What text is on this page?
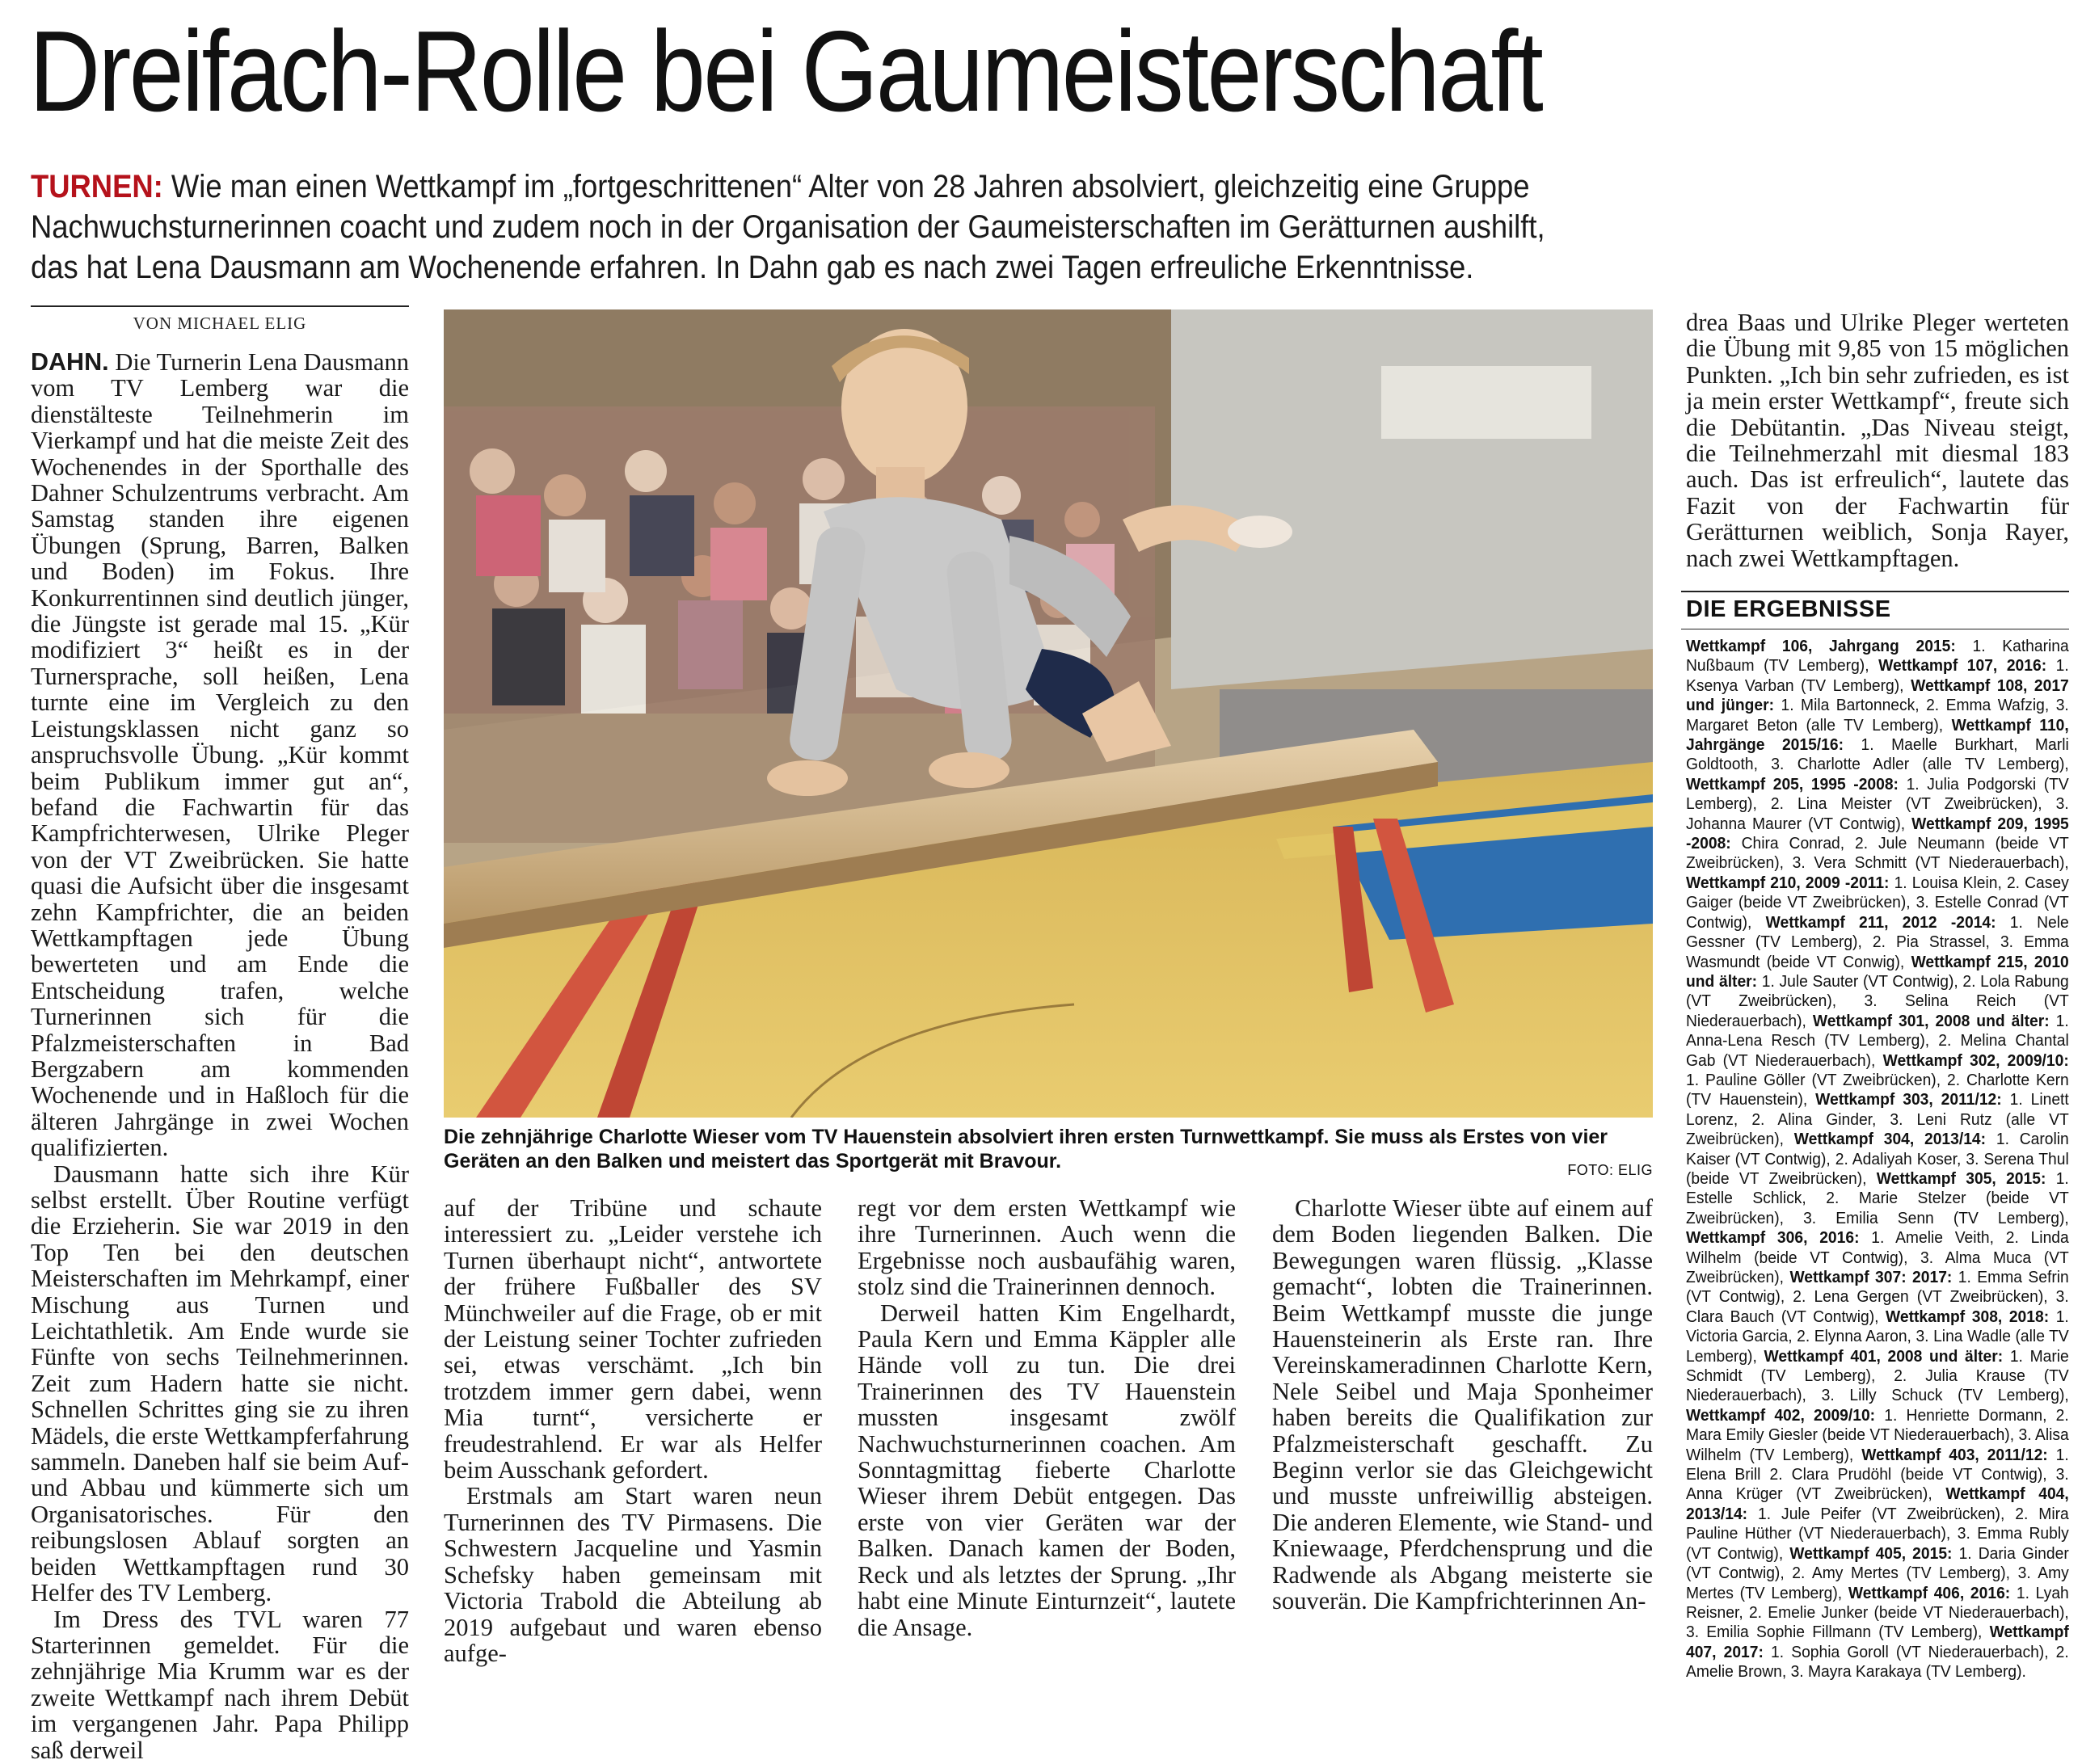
Dreifach-Rolle bei Gaumeisterschaft
TURNEN: Wie man einen Wettkampf im „fortgeschrittenen“ Alter von 28 Jahren absolviert, gleichzeitig eine Gruppe
Nachwuchsturnerinnen coacht und zudem noch in der Organisation der Gaumeisterschaften im Gerätturnen aushilft,
das hat Lena Dausmann am Wochenende erfahren. In Dahn gab es nach zwei Tagen erfreuliche Erkenntnisse.
VON MICHAEL ELIG

DAHN. Die Turnerin Lena Dausmann vom TV Lemberg war die dienstälteste Teilnehmerin im Vierkampf und hat die meiste Zeit des Wochenendes in der Sporthalle des Dahner Schulzentrums verbracht. Am Samstag standen ihre eigenen Übungen (Sprung, Barren, Balken und Boden) im Fokus. Ihre Konkurrentinnen sind deutlich jünger, die Jüngste ist gerade mal 15. „Kür modifiziert 3“ heißt es in der Turnersprache, soll heißen, Lena turnte eine im Vergleich zu den Leistungsklassen nicht ganz so anspruchsvolle Übung. „Kür kommt beim Publikum immer gut an“, befand die Fachwartin für das Kampfrichterwesen, Ulrike Pleger von der VT Zweibrücken. Sie hatte quasi die Aufsicht über die insgesamt zehn Kampfrichter, die an beiden Wettkampftagen jede Übung bewerteten und am Ende die Entscheidung trafen, welche Turnerinnen sich für die Pfalzmeisterschaften in Bad Bergzabern am kommenden Wochenende und in Haßloch für die älteren Jahrgänge in zwei Wochen qualifizierten.

Dausmann hatte sich ihre Kür selbst erstellt. Über Routine verfügt die Erzieherin. Sie war 2019 in den Top Ten bei den deutschen Meisterschaften im Mehrkampf, einer Mischung aus Turnen und Leichtathletik. Am Ende wurde sie Fünfte von sechs Teilnehmerinnen. Zeit zum Hadern hatte sie nicht. Schnellen Schrittes ging sie zu ihren Mädels, die erste Wettkampferfahrung sammeln. Daneben half sie beim Auf- und Abbau und kümmerte sich um Organisatorisches. Für den reibungslosen Ablauf sorgten an beiden Wettkampftagen rund 30 Helfer des TV Lemberg.

Im Dress des TVL waren 77 Starterinnen gemeldet. Für die zehnjährige Mia Krumm war es der zweite Wettkampf nach ihrem Debüt im vergangenen Jahr. Papa Philipp saß derweil

Die zehnjährige Charlotte Wieser vom TV Hauenstein absolviert ihren ersten Turnwettkampf. Sie muss als Erstes von vier Geräten an den Balken und meistert das Sportgerät mit Bravour.	FOTO: ELIG

auf der Tribüne und schaute interessiert zu. „Leider verstehe ich Turnen überhaupt nicht“, antwortete der frühere Fußballer des SV Münchweiler auf die Frage, ob er mit der Leistung seiner Tochter zufrieden sei, etwas verschämt. „Ich bin trotzdem immer gern dabei, wenn Mia turnt“, versicherte er freudestrahlend. Er war als Helfer beim Ausschank gefordert.

Erstmals am Start waren neun Turnerinnen des TV Pirmasens. Die Schwestern Jacqueline und Yasmin Schefsky haben gemeinsam mit Victoria Trabold die Abteilung ab 2019 aufgebaut und waren ebenso aufge-

regt vor dem ersten Wettkampf wie ihre Turnerinnen. Auch wenn die Ergebnisse noch ausbaufähig waren, stolz sind die Trainerinnen dennoch.

Derweil hatten Kim Engelhardt, Paula Kern und Emma Käppler alle Hände voll zu tun. Die drei Trainerinnen des TV Hauenstein mussten insgesamt zwölf Nachwuchsturnerinnen coachen. Am Sonntagmittag fieberte Charlotte Wieser ihrem Debüt entgegen. Das erste von vier Geräten war der Balken. Danach kamen der Boden, Reck und als letztes der Sprung. „Ihr habt eine Minute Einturnzeit“, lautete die Ansage.

Charlotte Wieser übte auf einem auf dem Boden liegenden Balken. Die Bewegungen waren flüssig. „Klasse gemacht“, lobten die Trainerinnen. Beim Wettkampf musste die junge Hauensteinerin als Erste ran. Ihre Vereinskameradinnen Charlotte Kern, Nele Seibel und Maja Sponheimer haben bereits die Qualifikation zur Pfalzmeisterschaft geschafft. Zu Beginn verlor sie das Gleichgewicht und musste unfreiwillig absteigen. Die anderen Elemente, wie Stand- und Kniewaage, Pferdchensprung und die Radwende als Abgang meisterte sie souverän. Die Kampfrichterinnen An-

drea Baas und Ulrike Pleger werteten die Übung mit 9,85 von 15 möglichen Punkten. „Ich bin sehr zufrieden, es ist ja mein erster Wettkampf“, freute sich die Debütantin. „Das Niveau steigt, die Teilnehmerzahl mit diesmal 183 auch. Das ist erfreulich“, lautete das Fazit von der Fachwartin für Gerätturnen weiblich, Sonja Rayer, nach zwei Wettkampftagen.

DIE ERGEBNISSE
Wettkampf 106, Jahrgang 2015: 1. Katharina Nußbaum (TV Lemberg), Wettkampf 107, 2016: 1. Ksenya Varban (TV Lemberg), Wettkampf 108, 2017 und jünger: 1. Mila Bartonneck, 2. Emma Wafzig, 3. Margaret Beton (alle TV Lemberg), Wettkampf 110, Jahrgänge 2015/16: 1. Maelle Burkhart, Marli Goldtooth, 3. Charlotte Adler (alle TV Lemberg), Wettkampf 205, 1995 -2008: 1. Julia Podgorski (TV Lemberg), 2. Lina Meister (VT Zweibrücken), 3. Johanna Maurer (VT Contwig), Wettkampf 209, 1995 -2008: Chira Conrad, 2. Jule Neumann (beide VT Zweibrücken), 3. Vera Schmitt (VT Niederauerbach), Wettkampf 210, 2009 -2011: 1. Louisa Klein, 2. Casey Gaiger (beide VT Zweibrücken), 3. Estelle Conrad (VT Contwig), Wettkampf 211, 2012 -2014: 1. Nele Gessner (TV Lemberg), 2. Pia Strassel, 3. Emma Wasmundt (beide VT Conwig), Wettkampf 215, 2010 und älter: 1. Jule Sauter (VT Contwig), 2. Lola Rabung (VT Zweibrücken), 3. Selina Reich (VT Niederauerbach), Wettkampf 301, 2008 und älter: 1. Anna-Lena Resch (TV Lemberg), 2. Melina Chantal Gab (VT Niederauerbach), Wettkampf 302, 2009/10: 1. Pauline Göller (VT Zweibrücken), 2. Charlotte Kern (TV Hauenstein), Wettkampf 303, 2011/12: 1. Linett Lorenz, 2. Alina Ginder, 3. Leni Rutz (alle VT Zweibrücken), Wettkampf 304, 2013/14: 1. Carolin Kaiser (VT Contwig), 2. Adaliyah Koser, 3. Serena Thul (beide VT Zweibrücken), Wettkampf 305, 2015: 1. Estelle Schlick, 2. Marie Stelzer (beide VT Zweibrücken), 3. Emilia Senn (TV Lemberg), Wettkampf 306, 2016: 1. Amelie Veith, 2. Linda Wilhelm (beide VT Contwig), 3. Alma Muca (VT Zweibrücken), Wettkampf 307: 2017: 1. Emma Sefrin (VT Contwig), 2. Lena Gergen (VT Zweibrücken), 3. Clara Bauch (VT Contwig), Wettkampf 308, 2018: 1. Victoria Garcia, 2. Elynna Aaron, 3. Lina Wadle (alle TV Lemberg), Wettkampf 401, 2008 und älter: 1. Marie Schmidt (TV Lemberg), 2. Julia Krause (TV Niederauerbach), 3. Lilly Schuck (TV Lemberg), Wettkampf 402, 2009/10: 1. Henriette Dormann, 2. Mara Emily Giesler (beide VT Niederauerbach), 3. Alisa Wilhelm (TV Lemberg), Wettkampf 403, 2011/12: 1. Elena Brill 2. Clara Prudöhl (beide VT Contwig), 3. Anna Krüger (VT Zweibrücken), Wettkampf 404, 2013/14: 1. Jule Peifer (VT Zweibrücken), 2. Mira Pauline Hüther (VT Niederauerbach), 3. Emma Rubly (VT Contwig), Wettkampf 405, 2015: 1. Daria Ginder (VT Contwig), 2. Amy Mertes (TV Lemberg), 3. Amy Mertes (TV Lemberg), Wettkampf 406, 2016: 1. Lyah Reisner, 2. Emelie Junker (beide VT Niederauerbach), 3. Emilia Sophie Fillmann (TV Lemberg), Wettkampf 407, 2017: 1. Sophia Goroll (VT Niederauerbach), 2. Amelie Brown, 3. Mayra Karakaya (TV Lemberg).
